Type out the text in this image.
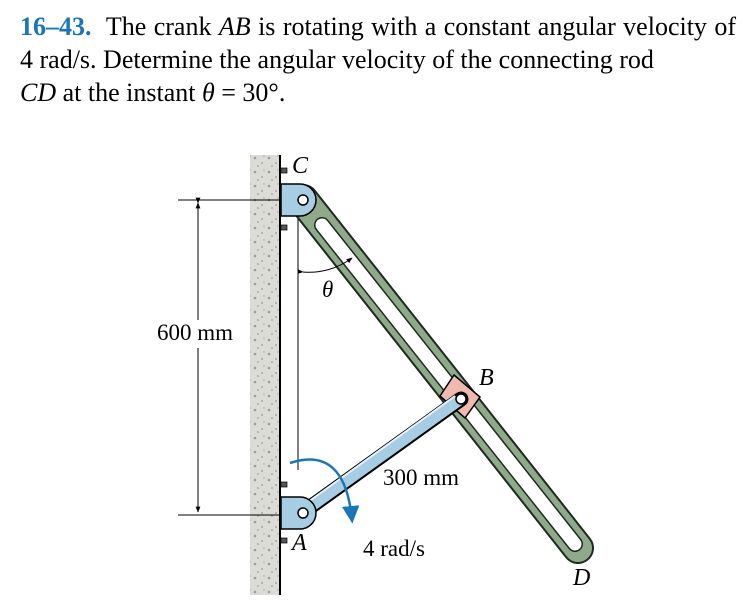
16–43. The crank AB is rotating with a constant angular velocity of 4 rad/s. Determine the angular velocity of the connecting rod
CD at the instant θ = 30°.

600 mm
θ
4 rad/s
C
A
B
D
300 mm
